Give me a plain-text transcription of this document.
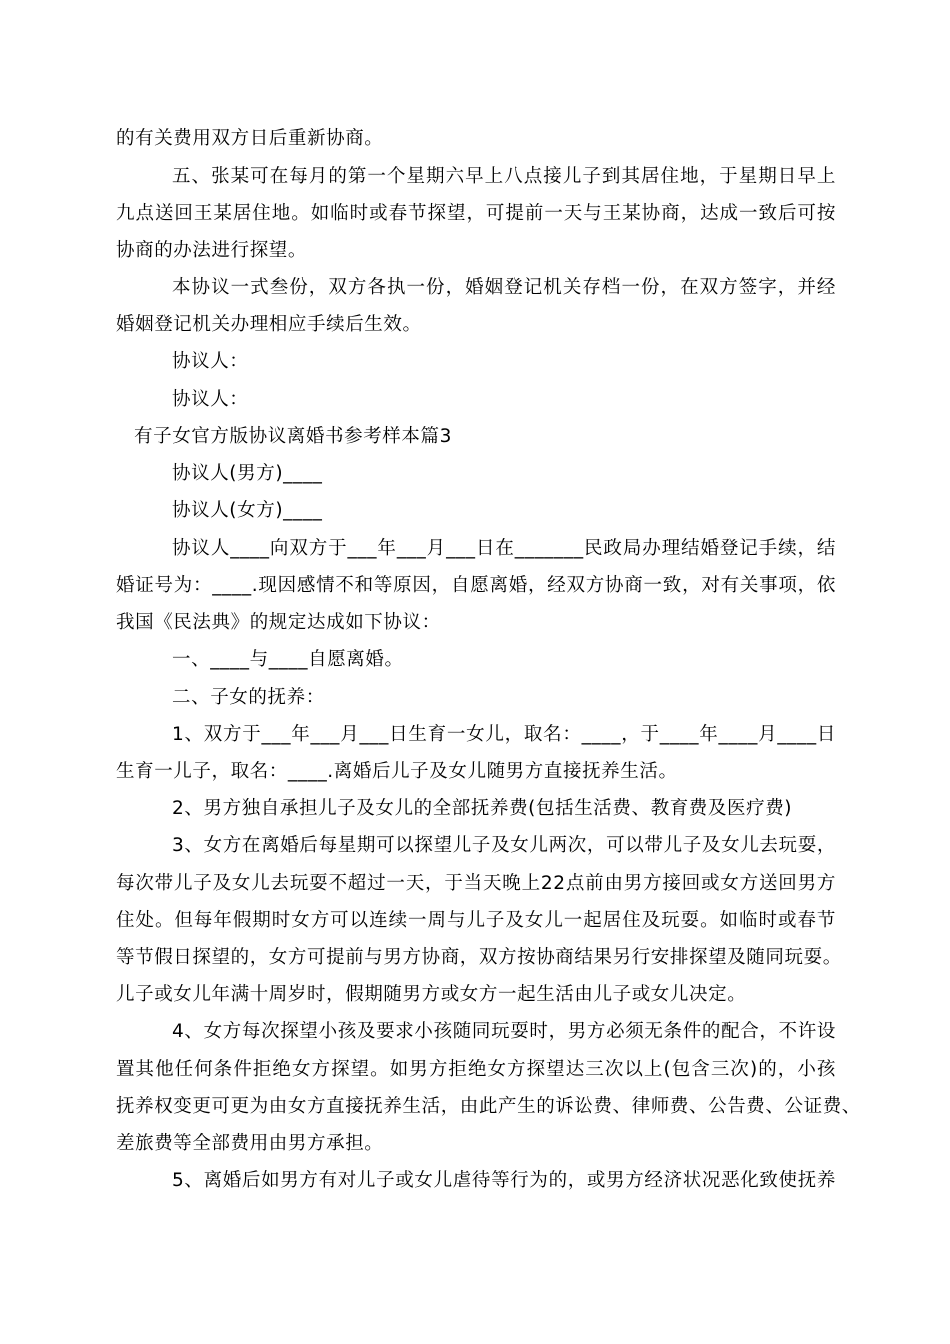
的有关费用双方日后重新协商。
五、张某可在每月的第一个星期六早上八点接儿子到其居住地，于星期日早上
九点送回王某居住地。如临时或春节探望，可提前一天与王某协商，达成一致后可按
协商的办法进行探望。
本协议一式叁份，双方各执一份，婚姻登记机关存档一份，在双方签字，并经
婚姻登记机关办理相应手续后生效。
协议人：
协议人：
有子女官方版协议离婚书参考样本篇3
协议人(男方)____
协议人(女方)____
协议人____向双方于___年___月___日在_______民政局办理结婚登记手续，结
婚证号为：____.现因感情不和等原因，自愿离婚，经双方协商一致，对有关事项，依
我国《民法典》的规定达成如下协议：
一、____与____自愿离婚。
二、子女的抚养：
1、双方于___年___月___日生育一女儿，取名：____，于____年____月____日
生育一儿子，取名：____.离婚后儿子及女儿随男方直接抚养生活。
2、男方独自承担儿子及女儿的全部抚养费(包括生活费、教育费及医疗费)
3、女方在离婚后每星期可以探望儿子及女儿两次，可以带儿子及女儿去玩耍，
每次带儿子及女儿去玩耍不超过一天，于当天晚上22点前由男方接回或女方送回男方
住处。但每年假期时女方可以连续一周与儿子及女儿一起居住及玩耍。如临时或春节
等节假日探望的，女方可提前与男方协商，双方按协商结果另行安排探望及随同玩耍。
儿子或女儿年满十周岁时，假期随男方或女方一起生活由儿子或女儿决定。
4、女方每次探望小孩及要求小孩随同玩耍时，男方必须无条件的配合，不许设
置其他任何条件拒绝女方探望。如男方拒绝女方探望达三次以上(包含三次)的，小孩
抚养权变更可更为由女方直接抚养生活，由此产生的诉讼费、律师费、公告费、公证费、
差旅费等全部费用由男方承担。
5、离婚后如男方有对儿子或女儿虐待等行为的，或男方经济状况恶化致使抚养
